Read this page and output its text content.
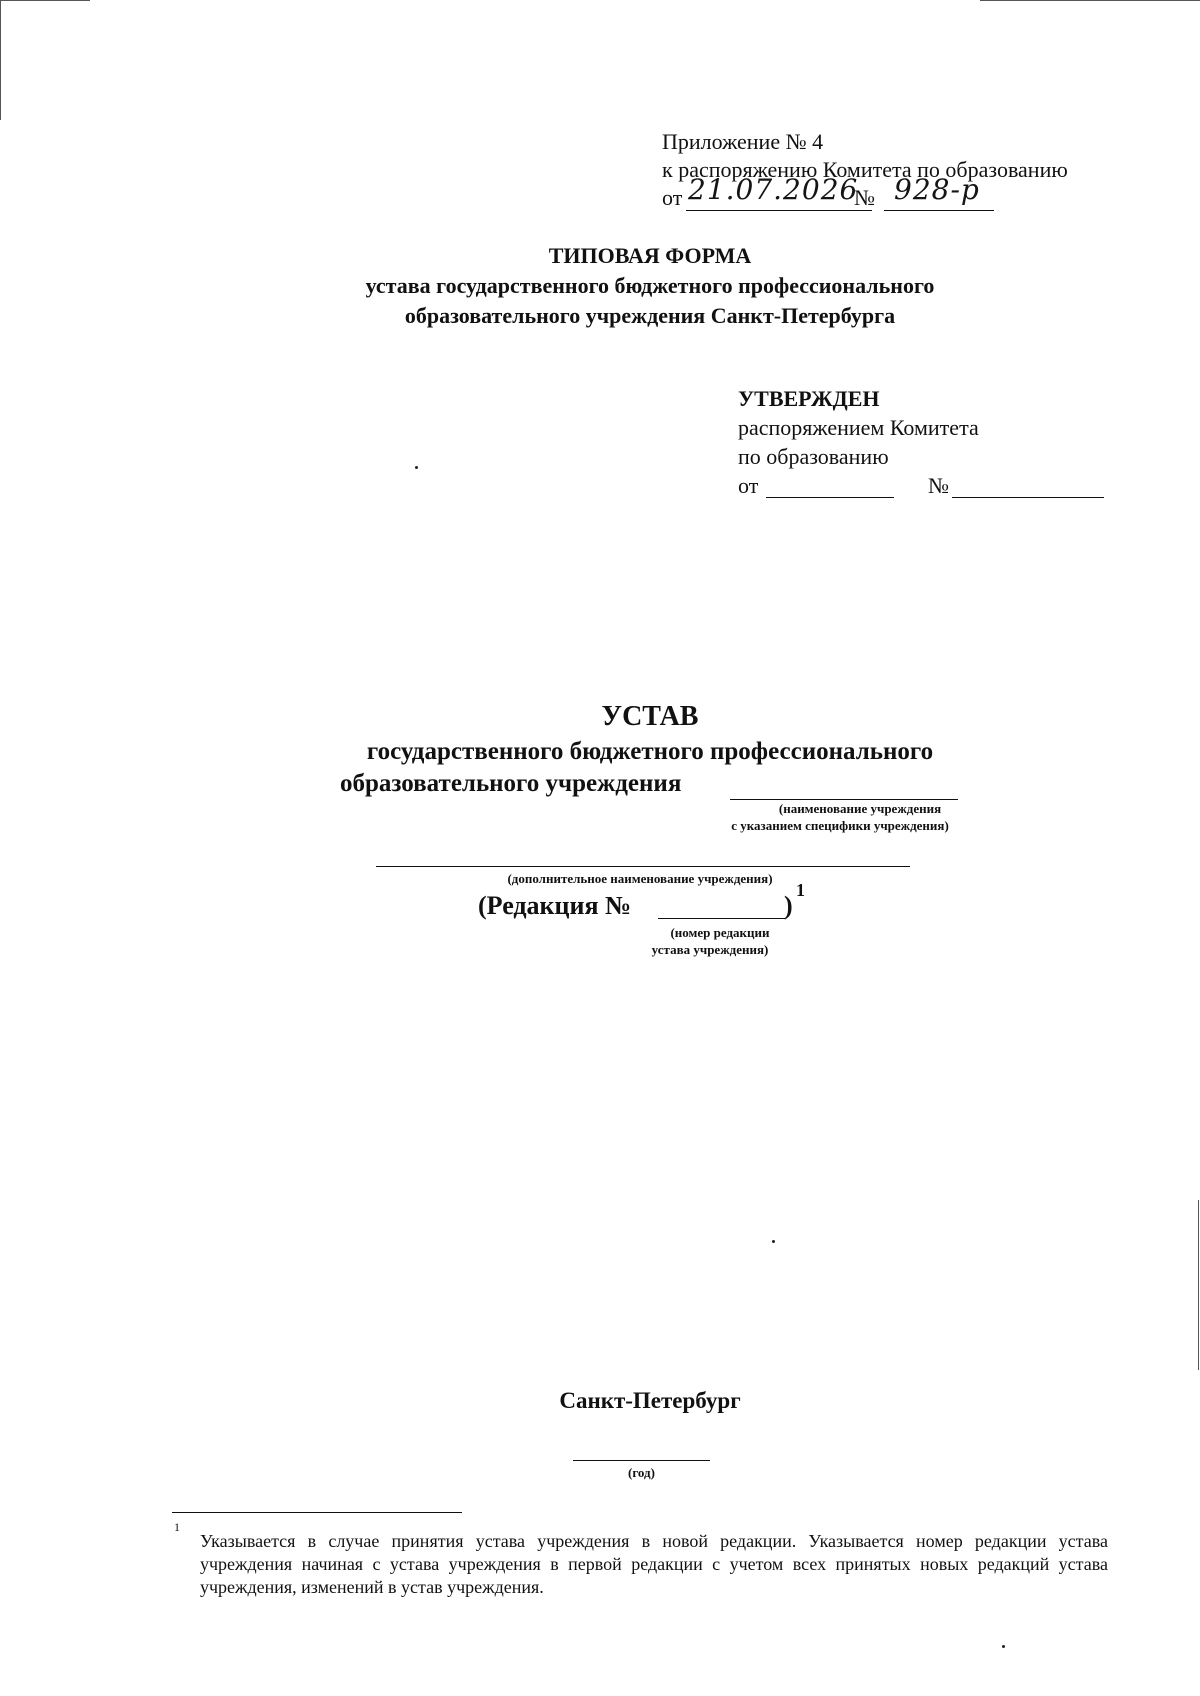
Приложение № 4
к распоряжению Комитета по образованию
от 21.07.2026
№ 928-р
ТИПОВАЯ ФОРМА
устава государственного бюджетного профессионального
образовательного учреждения Санкт-Петербурга
УТВЕРЖДЕН
распоряжением Комитета
по образованию
от	№
УСТАВ
государственного бюджетного профессионального
образовательного учреждения
(наименование учреждения
с указанием специфики учреждения)
(дополнительное наименование учреждения)
(Редакция №	)
1
(номер редакции
устава учреждения)
Санкт-Петербург
(год)
1
Указывается в случае принятия устава учреждения в новой редакции. Указывается номер редакции устава учреждения начиная с устава учреждения в первой редакции с учетом всех принятых новых редакций устава учреждения, изменений в устав учреждения.
